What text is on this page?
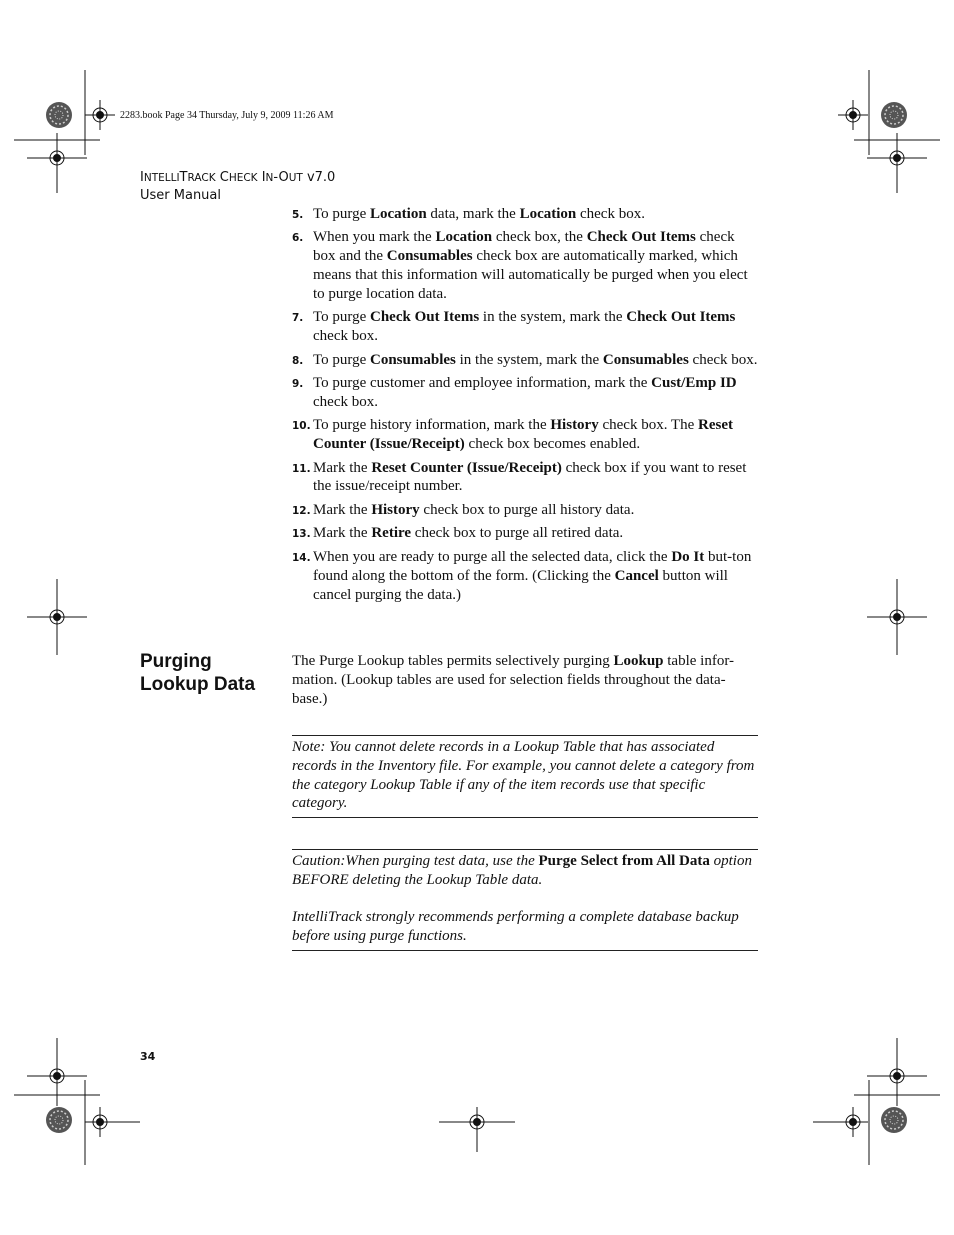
2283.book Page 34 Thursday, July 9, 2009 11:26 AM
INTELLITRACK CHECK IN-OUT v7.0
User Manual
5. To purge Location data, mark the Location check box.
6. When you mark the Location check box, the Check Out Items check box and the Consumables check box are automatically marked, which means that this information will automatically be purged when you elect to purge location data.
7. To purge Check Out Items in the system, mark the Check Out Items check box.
8. To purge Consumables in the system, mark the Consumables check box.
9. To purge customer and employee information, mark the Cust/Emp ID check box.
10. To purge history information, mark the History check box. The Reset Counter (Issue/Receipt) check box becomes enabled.
11. Mark the Reset Counter (Issue/Receipt) check box if you want to reset the issue/receipt number.
12. Mark the History check box to purge all history data.
13. Mark the Retire check box to purge all retired data.
14. When you are ready to purge all the selected data, click the Do It but-ton found along the bottom of the form. (Clicking the Cancel button will cancel purging the data.)
Purging Lookup Data
The Purge Lookup tables permits selectively purging Lookup table infor-mation. (Lookup tables are used for selection fields throughout the data-base.)
Note: You cannot delete records in a Lookup Table that has associated records in the Inventory file. For example, you cannot delete a category from the category Lookup Table if any of the item records use that specific category.
Caution:When purging test data, use the Purge Select from All Data option BEFORE deleting the Lookup Table data.
IntelliTrack strongly recommends performing a complete database backup before using purge functions.
34
